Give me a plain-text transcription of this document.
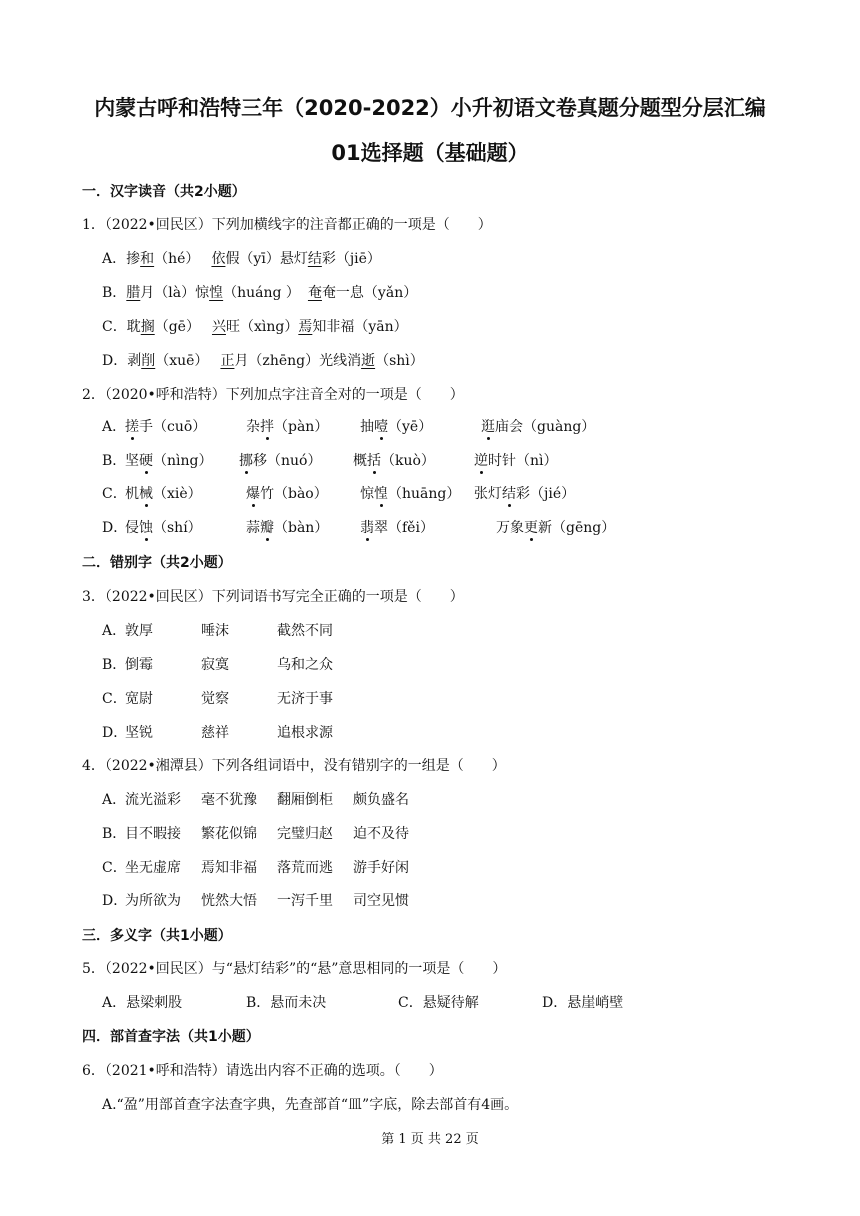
内蒙古呼和浩特三年（2020-2022）小升初语文卷真题分题型分层汇编
01选择题（基础题）
一．汉字读音（共2小题）
1．（2022•回民区）下列加横线字的注音都正确的一项是（　　）
A．掺和（hé） 依假（yī）悬灯结彩（jiē）
B．腊月（là）惊惶（huáng ） 奄奄一息（yǎn）
C．耽搁（gē） 兴旺（xìng）焉知非福（yān）
D．剥削（xuē） 正月（zhēng）光线消逝（shì）
2．（2020•呼和浩特）下列加点字注音全对的一项是（　　）
A．
搓手（cuō）	杂拌（pàn） 抽噎（yē）	逛庙会（guàng）
B．
坚硬（nìng） 挪移（nuó） 概括（kuò）	逆时针（nì）
C．
机械（xiè）	爆竹（bào） 惊惶（huāng） 张灯结彩（jié）
D．
侵蚀（shí）	蒜瓣（bàn） 翡翠（fěi）	万象更新（gēng）
二．错别字（共2小题）
3．（2022•回民区）下列词语书写完全正确的一项是（　　）
A．
敦厚	唾沫	截然不同
B．
倒霉	寂寞	乌和之众
C．
宽尉	觉察	无济于事
D．
坚锐	慈祥	追根求源
4．（2022•湘潭县）下列各组词语中，没有错别字的一组是（　　）
A．
流光溢彩 毫不犹豫 翻厢倒柜 颇负盛名
B．
目不暇接 繁花似锦 完璧归赵 迫不及待
C．
坐无虚席 焉知非福 落荒而逃 游手好闲
D．
为所欲为 恍然大悟 一泻千里 司空见惯
三．多义字（共1小题）
5．（2022•回民区）与“悬灯结彩”的“悬”意思相同的一项是（　　）
A．悬梁刺股	B．悬而未决	C．悬疑待解	D．悬崖峭壁
四．部首查字法（共1小题）
6．（2021•呼和浩特）请选出内容不正确的选项。（　　）
A.“盈”用部首查字法查字典，先查部首“皿”字底，除去部首有4画。
第 1 页 共 22 页
